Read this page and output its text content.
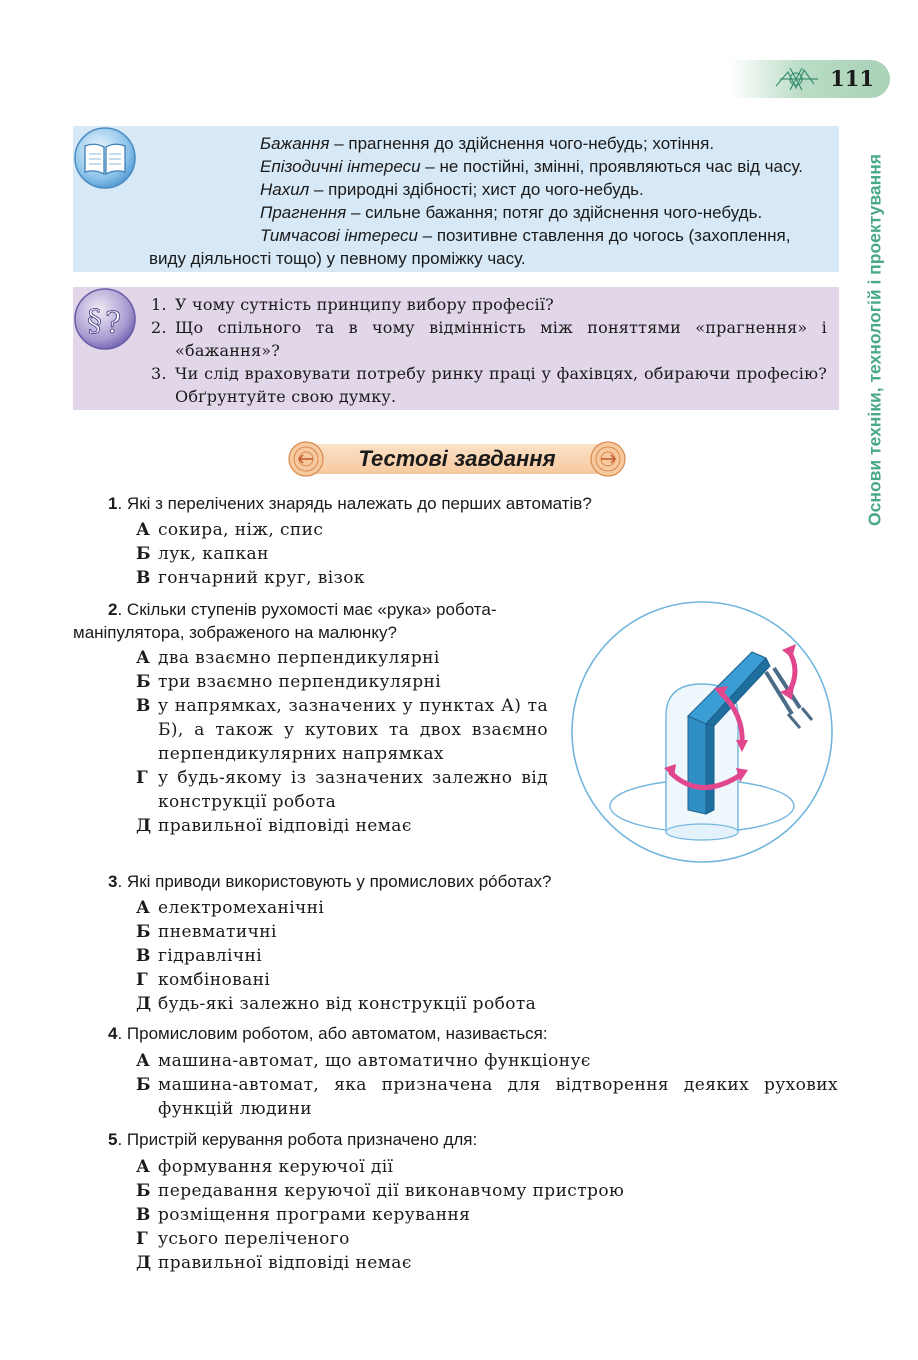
111
Основи техніки, технологій і проектування

Бажання – прагнення до здійснення чого-небудь; хотіння.

Епізодичні інтереси – не постійні, змінні, проявляються час від часу.

Нахил – природні здібності; хист до чого-небудь.

Прагнення – сильне бажання; потяг до здійснення чого-небудь.

Тимчасові інтереси – позитивне ставлення до чогось (захоплення, виду діяльності тощо) у певному проміжку часу.

§ ?
1. У чому сутність принципу вибору професії?
2. Що спільного та в чому відмінність між поняттями «прагнення» і «бажання»?
3. Чи слід враховувати потребу ринку праці у фахівцях, обираючи професію? Обґрунтуйте свою думку.
Тестові завдання

1. Які з перелічених знарядь належать до перших автоматів?

А сокира, ніж, спис
Б лук, капкан
В гончарний круг, візок

2. Скільки ступенів рухомості має «рука» робота-маніпулятора, зображеного на малюнку?

А два взаємно перпендикулярні
Б три взаємно перпендикулярні
В у напрямках, зазначених у пунктах А) та Б), а також у кутових та двох взаємно перпендикулярних напрямках
Г у будь-якому із зазначених залежно від конструкції робота
Д правильної відповіді немає

3. Які приводи використовують у промислових рóботах?

А електромеханічні
Б пневматичні
В гідравлічні
Г комбіновані
Д будь-які залежно від конструкції робота

4. Промисловим роботом, або автоматом, називається:

А машина-автомат, що автоматично функціонує
Б машина-автомат, яка призначена для відтворення деяких рухових функцій людини

5. Пристрій керування робота призначено для:

А формування керуючої дії
Б передавання керуючої дії виконавчому пристрою
В розміщення програми керування
Г усього переліченого
Д правильної відповіді немає
